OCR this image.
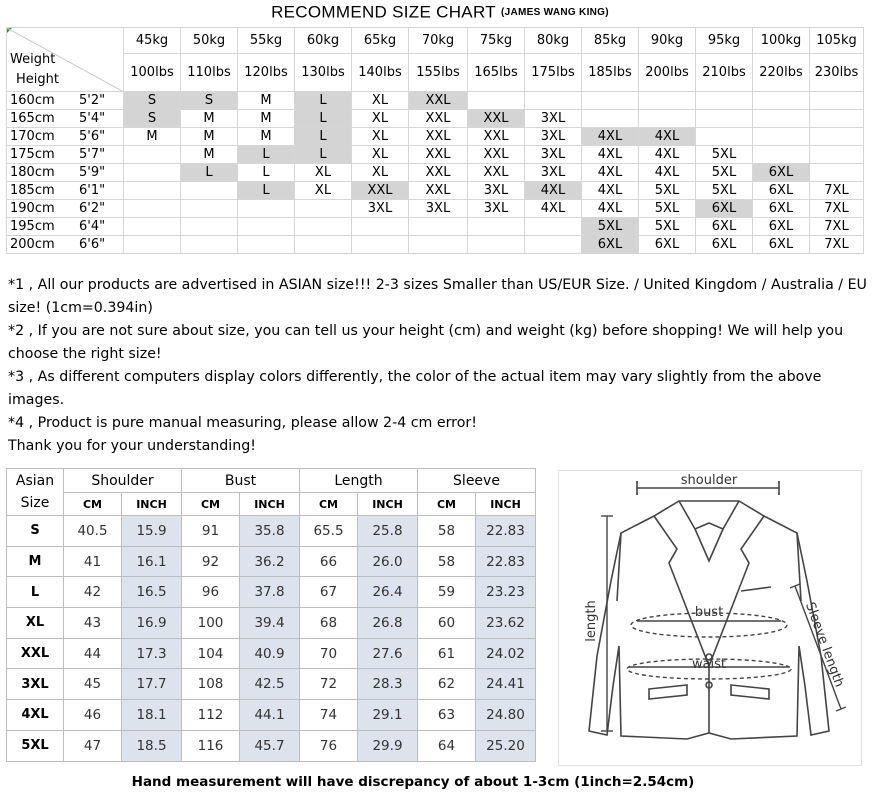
RECOMMEND SIZE CHART (JAMES WANG KING)
Weight
Height	45kg	50kg	55kg	60kg	65kg	70kg	75kg	80kg	85kg	90kg	95kg	100kg	105kg
	100lbs	110lbs	120lbs	130lbs	140lbs	155lbs	165lbs	175lbs	185lbs	200lbs	210lbs	220lbs	230lbs
160cm 5'2"	S	S	M	L	XL	XXL							
165cm 5'4"	S	M	M	L	XL	XXL	XXL	3XL					
170cm 5'6"	M	M	M	L	XL	XXL	XXL	3XL	4XL	4XL			
175cm 5'7"		M	L	L	XL	XXL	XXL	3XL	4XL	4XL	5XL		
180cm 5'9"		L	L	XL	XL	XXL	XXL	3XL	4XL	4XL	5XL	6XL	
185cm 6'1"			L	XL	XXL	XXL	3XL	4XL	4XL	5XL	5XL	6XL	7XL
190cm 6'2"					3XL	3XL	3XL	4XL	4XL	5XL	6XL	6XL	7XL
195cm 6'4"									5XL	5XL	6XL	6XL	7XL
200cm 6'6"									6XL	6XL	6XL	6XL	7XL

*1 , All our products are advertised in ASIAN size!!! 2-3 sizes Smaller than US/EUR Size. / United Kingdom / Australia / EU size! (1cm=0.394in)

*2 , If you are not sure about size, you can tell us your height (cm) and weight (kg) before shopping! We will help you choose the right size!

*3 , As different computers display colors differently, the color of the actual item may vary slightly from the above images.

*4 , Product is pure manual measuring, please allow 2-4 cm error!

Thank you for your understanding!

Asian
Size	Shoulder		Bust		Length		Sleeve	
	CM	INCH	CM	INCH	CM	INCH	CM	INCH
S	40.5	15.9	91	35.8	65.5	25.8	58	22.83
M	41	16.1	92	36.2	66	26.0	58	22.83
L	42	16.5	96	37.8	67	26.4	59	23.23
XL	43	16.9	100	39.4	68	26.8	60	23.62
XXL	44	17.3	104	40.9	70	27.6	61	24.02
3XL	45	17.7	108	42.5	72	28.3	62	24.41
4XL	46	18.1	112	44.1	74	29.1	63	24.80
5XL	47	18.5	116	45.7	76	29.9	64	25.20
shoulder
length	bust
waist	Sleeve length
Hand measurement will have discrepancy of about 1-3cm (1inch=2.54cm)
